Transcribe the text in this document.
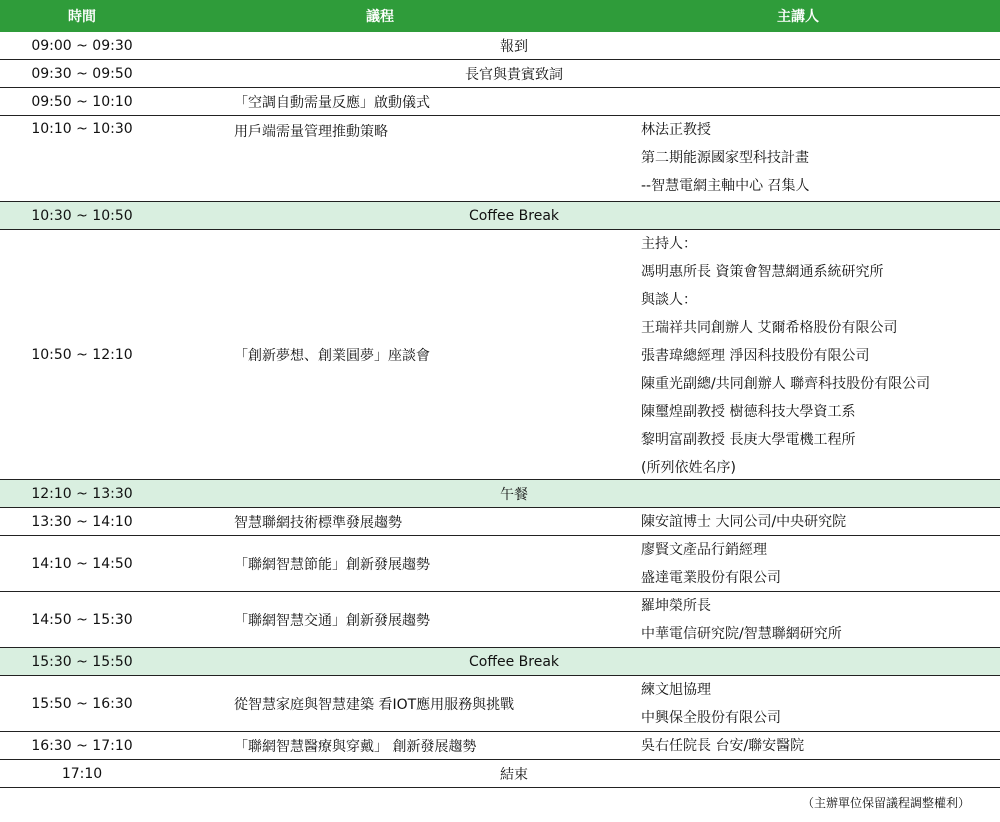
時間	議程	主講人
09:00 ~ 09:30	報到
09:30 ~ 09:50	長官與貴賓致詞
09:50 ~ 10:10	「空調自動需量反應」啟動儀式
10:10 ~ 10:30	用戶端需量管理推動策略	林法正教授
第二期能源國家型科技計畫
--智慧電網主軸中心 召集人
10:30 ~ 10:50	Coffee Break
10:50 ~ 12:10	「創新夢想、創業圓夢」座談會
主持人：
馮明惠所長 資策會智慧網通系統研究所
與談人：
王瑞祥共同創辦人 艾爾希格股份有限公司
張書瑋總經理 淨因科技股份有限公司
陳重光副總/共同創辦人 聯齊科技股份有限公司
陳璽煌副教授 樹德科技大學資工系
黎明富副教授 長庚大學電機工程所
(所列依姓名序)
12:10 ~ 13:30	午餐
13:30 ~ 14:10	智慧聯網技術標準發展趨勢	陳安誼博士 大同公司/中央研究院
14:10 ~ 14:50	「聯網智慧節能」創新發展趨勢
廖賢文產品行銷經理
盛達電業股份有限公司
14:50 ~ 15:30	「聯網智慧交通」創新發展趨勢
羅坤榮所長
中華電信研究院/智慧聯網研究所
15:30 ~ 15:50	Coffee Break
15:50 ~ 16:30	從智慧家庭與智慧建築 看IOT應用服務與挑戰
練文旭協理
中興保全股份有限公司
16:30 ~ 17:10	「聯網智慧醫療與穿戴」 創新發展趨勢	吳右任院長 台安/聯安醫院
17:10	結束
（主辦單位保留議程調整權利）
